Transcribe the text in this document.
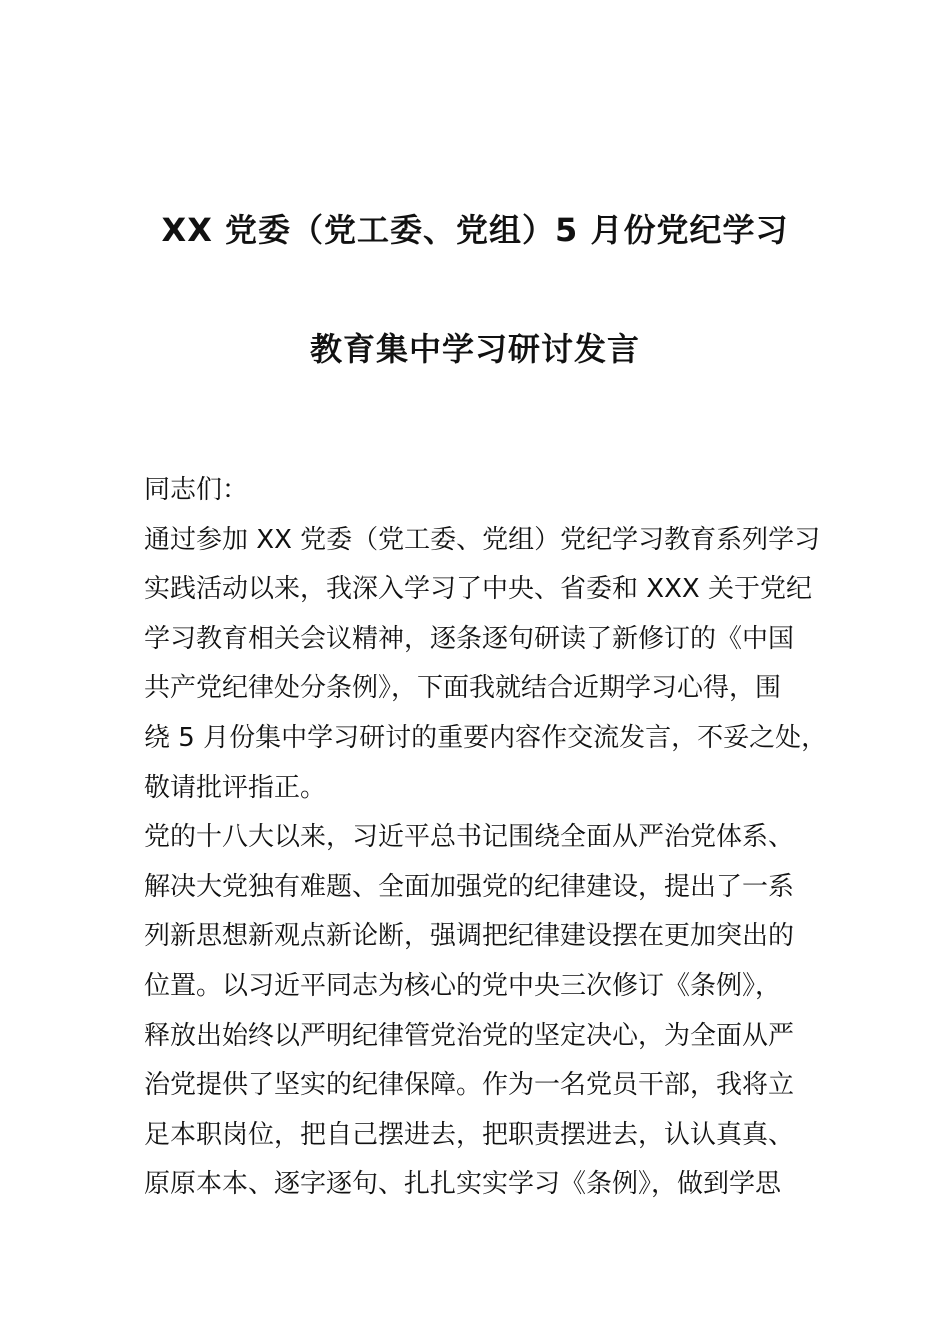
XX 党委（党工委、党组）5 月份党纪学习
教育集中学习研讨发言
同志们：
通过参加 XX 党委（党工委、党组）党纪学习教育系列学习
实践活动以来，我深入学习了中央、省委和 XXX 关于党纪
学习教育相关会议精神，逐条逐句研读了新修订的《中国
共产党纪律处分条例》，下面我就结合近期学习心得，围
绕 5 月份集中学习研讨的重要内容作交流发言，不妥之处，
敬请批评指正。
党的十八大以来，习近平总书记围绕全面从严治党体系、
解决大党独有难题、全面加强党的纪律建设，提出了一系
列新思想新观点新论断，强调把纪律建设摆在更加突出的
位置。以习近平同志为核心的党中央三次修订《条例》，
释放出始终以严明纪律管党治党的坚定决心，为全面从严
治党提供了坚实的纪律保障。作为一名党员干部，我将立
足本职岗位，把自己摆进去，把职责摆进去，认认真真、
原原本本、逐字逐句、扎扎实实学习《条例》，做到学思
